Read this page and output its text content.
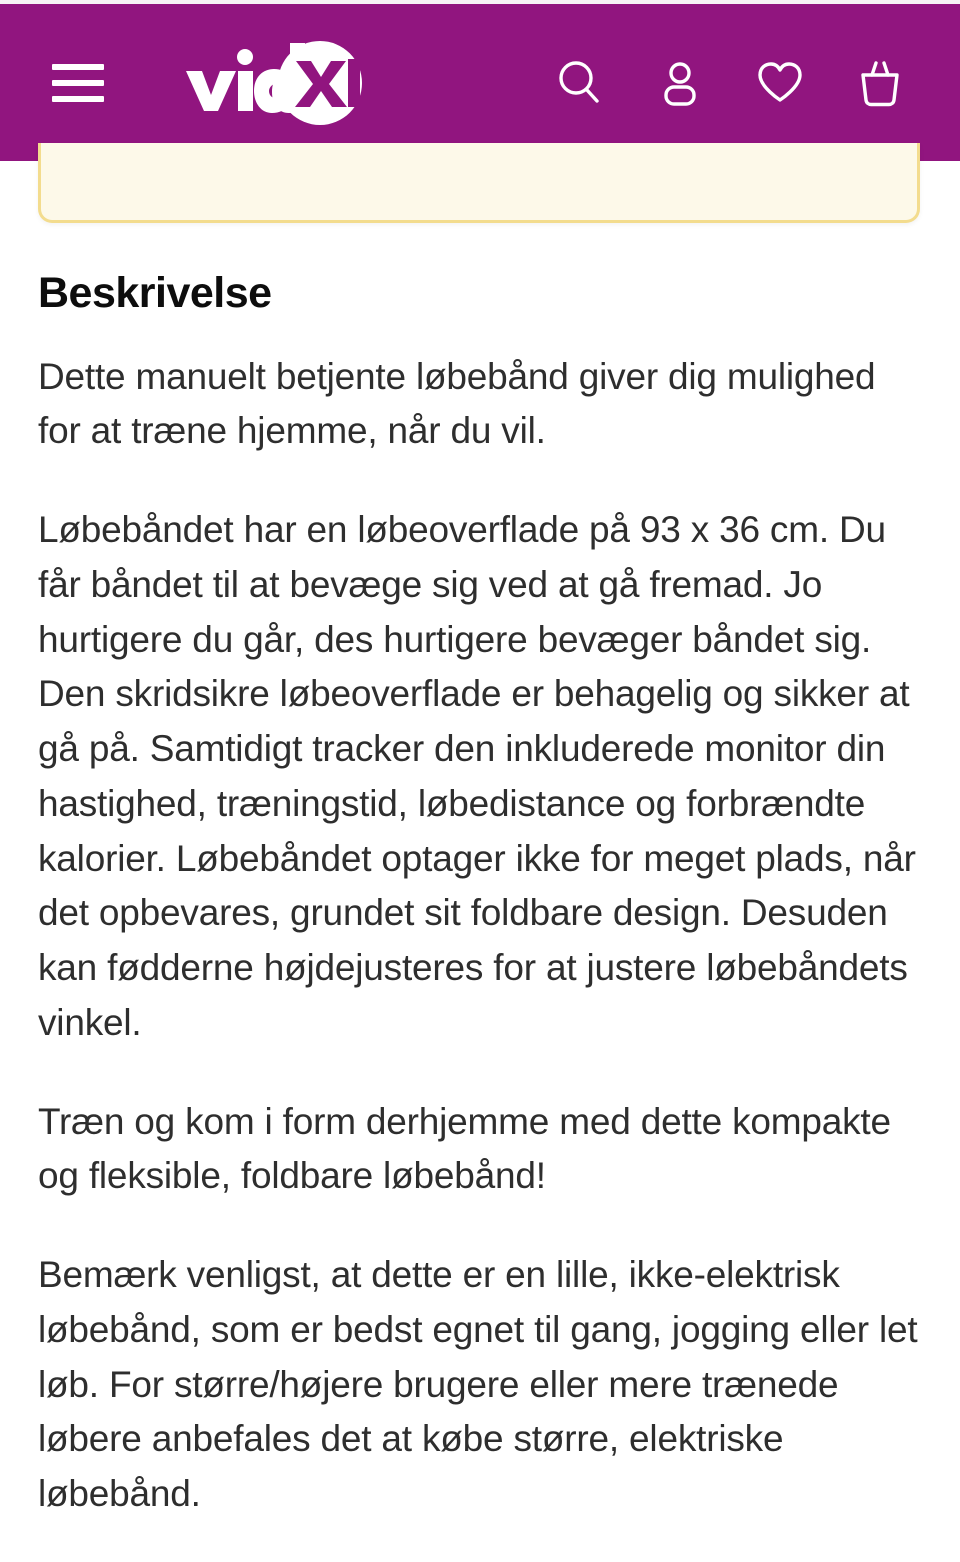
Beskrivelse

Dette manuelt betjente løbebånd giver dig mulighed for at træne hjemme, når du vil.

Løbebåndet har en løbeoverflade på 93 x 36 cm. Du får båndet til at bevæge sig ved at gå fremad. Jo hurtigere du går, des hurtigere bevæger båndet sig. Den skridsikre løbeoverflade er behagelig og sikker at gå på. Samtidigt tracker den inkluderede monitor din hastighed, træningstid, løbedistance og forbrændte kalorier. Løbebåndet optager ikke for meget plads, når det opbevares, grundet sit foldbare design. Desuden kan fødderne højdejusteres for at justere løbebåndets vinkel.

Træn og kom i form derhjemme med dette kompakte og fleksible, foldbare løbebånd!

Bemærk venligst, at dette er en lille, ikke-elektrisk løbebånd, som er bedst egnet til gang, jogging eller let løb. For større/højere brugere eller mere trænede løbere anbefales det at købe større, elektriske løbebånd.
